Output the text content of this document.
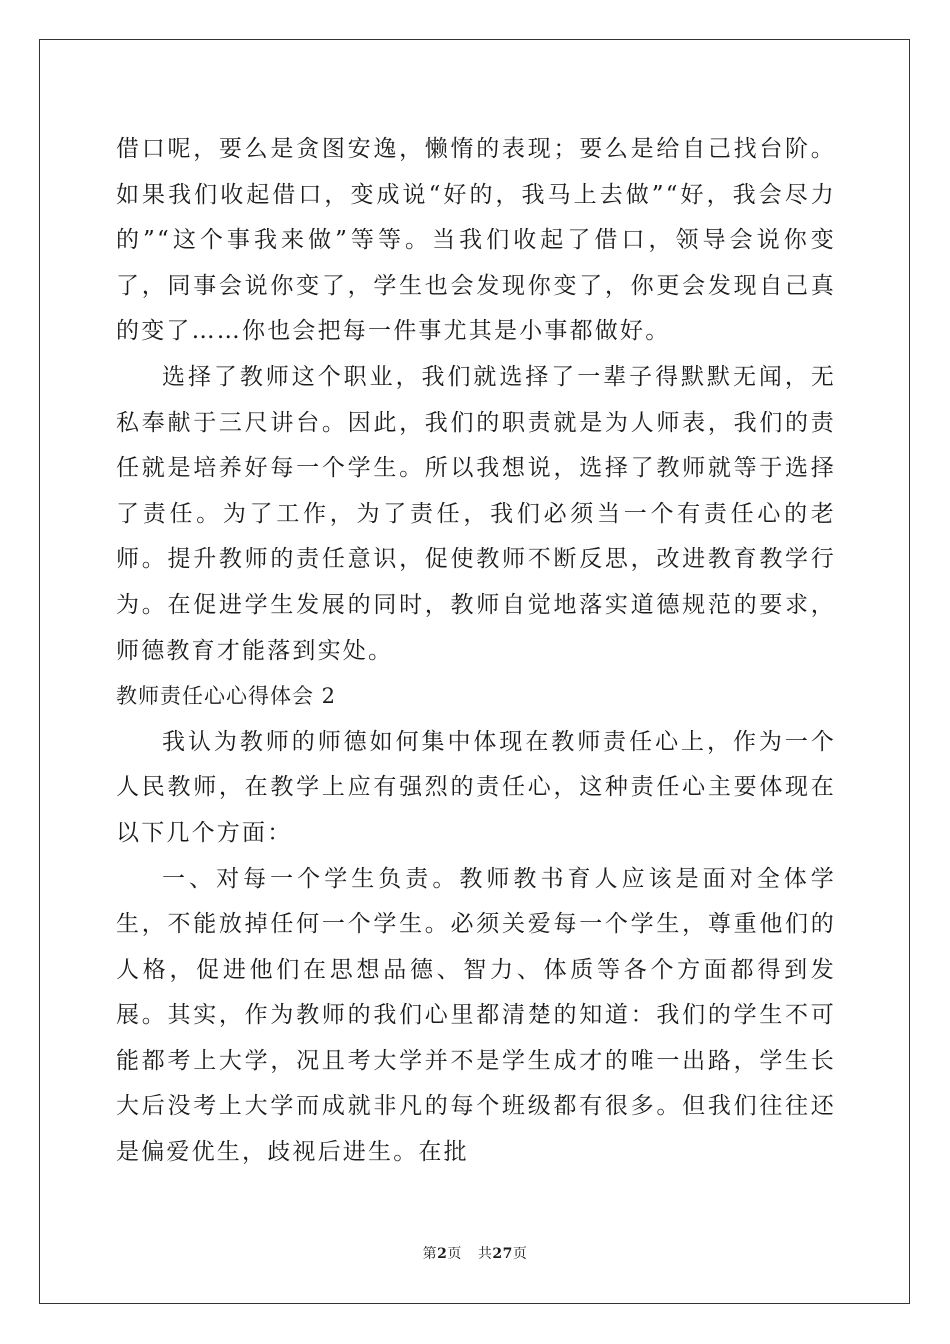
借口呢，要么是贪图安逸，懒惰的表现；要么是给自己找台阶。如果我们收起借口，变成说“好的，我马上去做”“好，我会尽力的”“这个事我来做”等等。当我们收起了借口，领导会说你变了，同事会说你变了，学生也会发现你变了，你更会发现自己真的变了……你也会把每一件事尤其是小事都做好。

选择了教师这个职业，我们就选择了一辈子得默默无闻，无私奉献于三尺讲台。因此，我们的职责就是为人师表，我们的责任就是培养好每一个学生。所以我想说，选择了教师就等于选择了责任。为了工作，为了责任，我们必须当一个有责任心的老师。提升教师的责任意识，促使教师不断反思，改进教育教学行为。在促进学生发展的同时，教师自觉地落实道德规范的要求，师德教育才能落到实处。

教师责任心心得体会 2

我认为教师的师德如何集中体现在教师责任心上，作为一个人民教师，在教学上应有强烈的责任心，这种责任心主要体现在以下几个方面：

一、对每一个学生负责。教师教书育人应该是面对全体学生，不能放掉任何一个学生。必须关爱每一个学生，尊重他们的人格，促进他们在思想品德、智力、体质等各个方面都得到发展。其实，作为教师的我们心里都清楚的知道：我们的学生不可能都考上大学，况且考大学并不是学生成才的唯一出路，学生长大后没考上大学而成就非凡的每个班级都有很多。但我们往往还是偏爱优生，歧视后进生。在批

第2页 共27页
